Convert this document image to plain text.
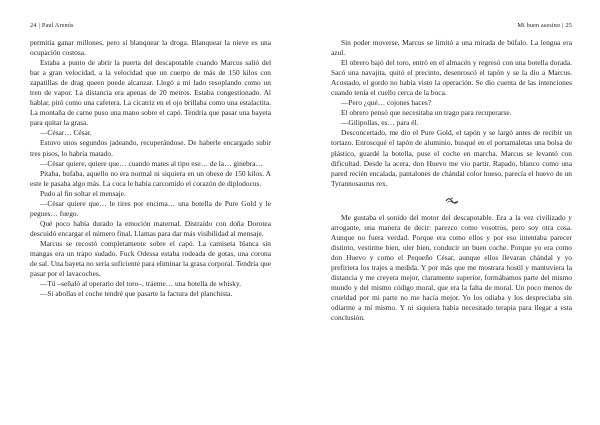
24 | Paul Arenós

permitía ganar millones, pero sí blanquear la droga. Blanquear la nieve es una ocupación costosa.

Estaba a punto de abrir la puerta del descapotable cuando Marcus salió del bar a gran velocidad, a la velocidad que un cuerpo de más de 150 kilos con zapatillas de drag queen puede alcanzar. Llegó a mi lado resoplando como un tren de vapor. La distancia era apenas de 20 metros. Estaba congestionado. Al hablar, pitó como una cafetera. La cicatriz en el ojo brillaba como una estalactita. La montaña de carne puso una mano sobre el capó. Tendría que pasar una bayeta para quitar la grasa.

—César… César.

Estuvo unos segundos jadeando, recuperándose. De haberle encargado subir tres pisos, lo habría matado.

—César quiere, quiere que… cuando mates al tipo ese… de la… ginebra…

Pitaba, bufaba, aquello no era normal ni siquiera en un obeso de 150 kilos. A este le pasaba algo más. La coca le había carcomido el corazón de diplodocus.

Pudo al fin soltar el mensaje.

—César quiere que… le tires por encima… una botella de Pure Gold y le pegues… fuego.

Qué poco había durado la emoción maternal. Distraído con doña Dorotea descuidó encargar el número final. Llamas para dar más visibilidad al mensaje.

Marcus se recostó completamente sobre el capó. La camiseta blanca sin mangas era un trapo sudado. Fuck Odessa estaba rodeada de gotas, una corona de sal. Una bayeta no sería suficiente para eliminar la grasa corporal. Tendría que pasar por el lavacoches.

—Tú –señaló al operario del toro–, tráeme… una botella de whisky.

—Si abollas el coche tendré que pasarte la factura del planchista.

Mi buen asesino | 25

Sin poder moverse, Marcus se limitó a una mirada de búfalo. La lengua era azul.

El obrero bajó del toro, entró en el almacén y regresó con una botella dorada. Sacó una navajita, quitó el precinto, desenroscó el tapón y se la dio a Marcus. Acostado, el gordo no había visto la operación. Se dio cuenta de las intenciones cuando tenía el cuello cerca de la boca.

—Pero ¿qué… cojones haces?

El obrero pensó que necesitaba un trago para recuperarse.

—Gilipollas, es… para él.

Desconcertado, me dio el Pure Gold, el tapón y se largó antes de recibir un tortazo. Enroscqué el tapón de aluminio, busqué en el portamaletas una bolsa de plástico, guardé la botella, puse el coche en marcha. Marcus se levantó con dificultad. Desde la acera, don Huevo me vio partir. Rapado, blanco como una pared recién encalada, pantalones de chándal color hueso, parecía el huevo de un Tyrannosaurus rex.

Me gustaba el sonido del motor del descapotable. Era a la vez civilizado y arrogante, una manera de decir: parezco como vosotros, pero soy otra cosa. Aunque no fuera verdad. Porque era como ellos y por eso intentaba parecer distinto, vestirme bien, oler bien, conducir un buen coche. Porque yo era como don Huevo y como el Pequeño César, aunque ellos llevaran chándal y yo prefiriera los trajes a medida. Y por más que me mostrara hostil y mantuviera la distancia y me creyera mejor, claramente superior, formábamos parte del mismo mundo y del mismo código moral, que era la falta de moral. Un poco menos de crueldad por mi parte no me hacía mejor. Yo los odiaba y los despreciaba sin odiarme a mí mismo. Y ni siquiera había necesitado terapia para llegar a esta conclusión.
